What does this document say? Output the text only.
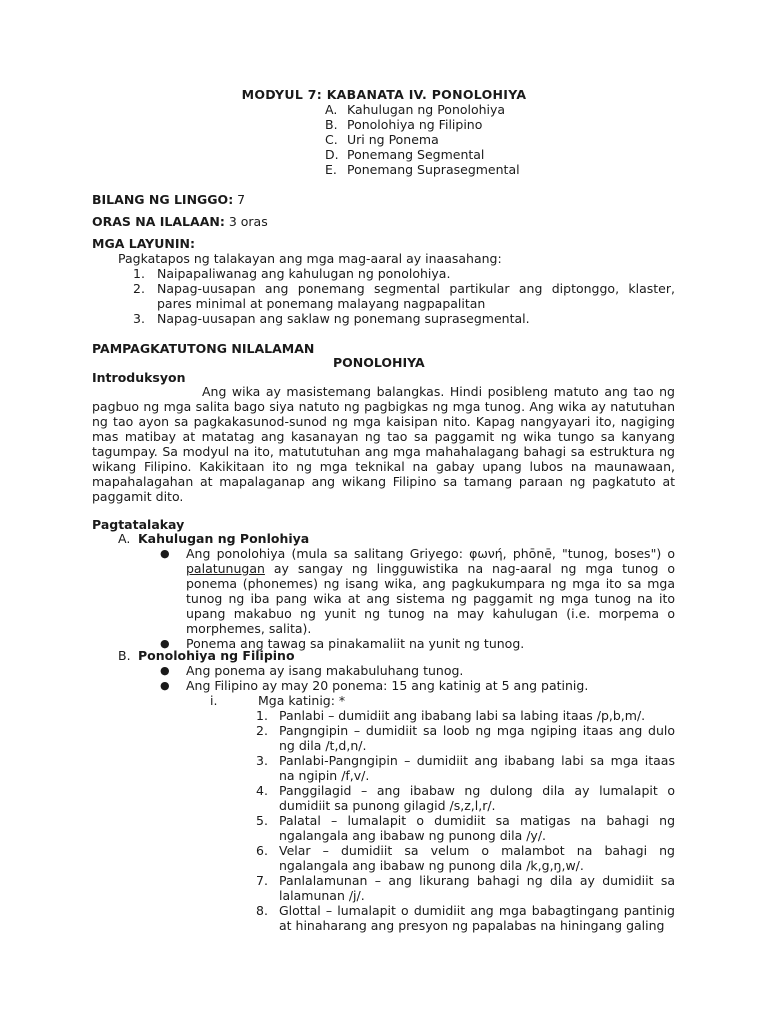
MODYUL 7: KABANATA IV. PONOLOHIYA
A. Kahulugan ng Ponolohiya
B. Ponolohiya ng Filipino
C. Uri ng Ponema
D. Ponemang Segmental
E. Ponemang Suprasegmental
BILANG NG LINGGO: 7
ORAS NA ILALAAN: 3 oras
MGA LAYUNIN:
Pagkatapos ng talakayan ang mga mag-aaral ay inaasahang:
1. Naipapaliwanag ang kahulugan ng ponolohiya.
2. Napag-uusapan ang ponemang segmental partikular ang diptonggo, klaster, pares minimal at ponemang malayang nagpapalitan
3. Napag-uusapan ang saklaw ng ponemang suprasegmental.
PAMPAGKATUTONG NILALAMAN
PONOLOHIYA
Introduksyon

Ang wika ay masistemang balangkas. Hindi posibleng matuto ang tao ng pagbuo ng mga salita bago siya natuto ng pagbigkas ng mga tunog. Ang wika ay natutuhan ng tao ayon sa pagkakasunod-sunod ng mga kaisipan nito. Kapag nangyayari ito, nagiging mas matibay at matatag ang kasanayan ng tao sa paggamit ng wika tungo sa kanyang tagumpay. Sa modyul na ito, matututuhan ang mga mahahalagang bahagi sa estruktura ng wikang Filipino. Kakikitaan ito ng mga teknikal na gabay upang lubos na maunawaan, mapahalagahan at mapalaganap ang wikang Filipino sa tamang paraan ng pagkatuto at paggamit dito.

Pagtatalakay
A. Kahulugan ng Ponlohiya
●	Ang ponolohiya (mula sa salitang Griyego: φωνή, phōnē, "tunog, boses") o palatunugan ay sangay ng lingguwistika na nag-aaral ng mga tunog o ponema (phonemes) ng isang wika, ang pagkukumpara ng mga ito sa mga tunog ng iba pang wika at ang sistema ng paggamit ng mga tunog na ito upang makabuo ng yunit ng tunog na may kahulugan (i.e. morpema o morphemes, salita).
●	Ponema ang tawag sa pinakamaliit na yunit ng tunog.
B. Ponolohiya ng Filipino
●	Ang ponema ay isang makabuluhang tunog.
●	Ang Filipino ay may 20 ponema: 15 ang katinig at 5 ang patinig.
i.	Mga katinig: *
1. Panlabi – dumidiit ang ibabang labi sa labing itaas /p,b,m/.
2. Pangngipin – dumidiit sa loob ng mga ngiping itaas ang dulo ng dila /t,d,n/.
3. Panlabi-Pangngipin – dumidiit ang ibabang labi sa mga itaas na ngipin /f,v/.
4. Panggilagid – ang ibabaw ng dulong dila ay lumalapit o dumidiit sa punong gilagid /s,z,l,r/.
5. Palatal – lumalapit o dumidiit sa matigas na bahagi ng ngalangala ang ibabaw ng punong dila /y/.
6. Velar – dumidiit sa velum o malambot na bahagi ng ngalangala ang ibabaw ng punong dila /k,g,ŋ,w/.
7. Panlalamunan – ang likurang bahagi ng dila ay dumidiit sa lalamunan /j/.
8. Glottal – lumalapit o dumidiit ang mga babagtingang pantinig at hinaharang ang presyon ng papalabas na hiningang galing
